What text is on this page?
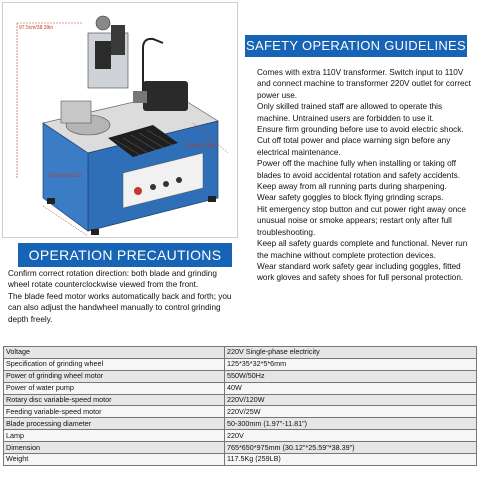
97.5cm/38.39in
65cm/25.59in
76.5cm/30.12in
SAFETY OPERATION GUIDELINES

Comes with extra 110V transformer. Switch input to 110V and connect machine to transformer 220V outlet for correct power use.

Only skilled trained staff are allowed to operate this machine. Untrained users are forbidden to use it.

Ensure firm grounding before use to avoid electric shock. Cut off total power and place warning sign before any electrical maintenance.

Power off the machine fully when installing or taking off blades to avoid accidental rotation and safety accidents.

Keep away from all running parts during sharpening.

Wear safety goggles to block flying grinding scraps.

Hit emergency stop button and cut power right away once unusual noise or smoke appears; restart only after full troubleshooting.

Keep all safety guards complete and functional. Never run the machine without complete protection devices.

Wear standard work safety gear including goggles, fitted work gloves and safety shoes for full personal protection.

OPERATION PRECAUTIONS

Confirm correct rotation direction: both blade and grinding wheel rotate counterclockwise viewed from the front.

The blade feed motor works automatically back and forth; you can also adjust the handwheel manually to control grinding depth freely.

Voltage	220V Single-phase electricity
Specification of grinding wheel	125*35*32*5*6mm
Power of grinding wheel motor	550W/50Hz
Power of water pump	40W
Rotary disc variable-speed motor	220V/120W
Feeding variable-speed motor	220V/25W
Blade processing diameter	50-300mm (1.97"-11.81")
Lamp	220V
Dimension	765*650*975mm (30.12"*25.59"*38.39")
Weight	117.5Kg (259LB)
